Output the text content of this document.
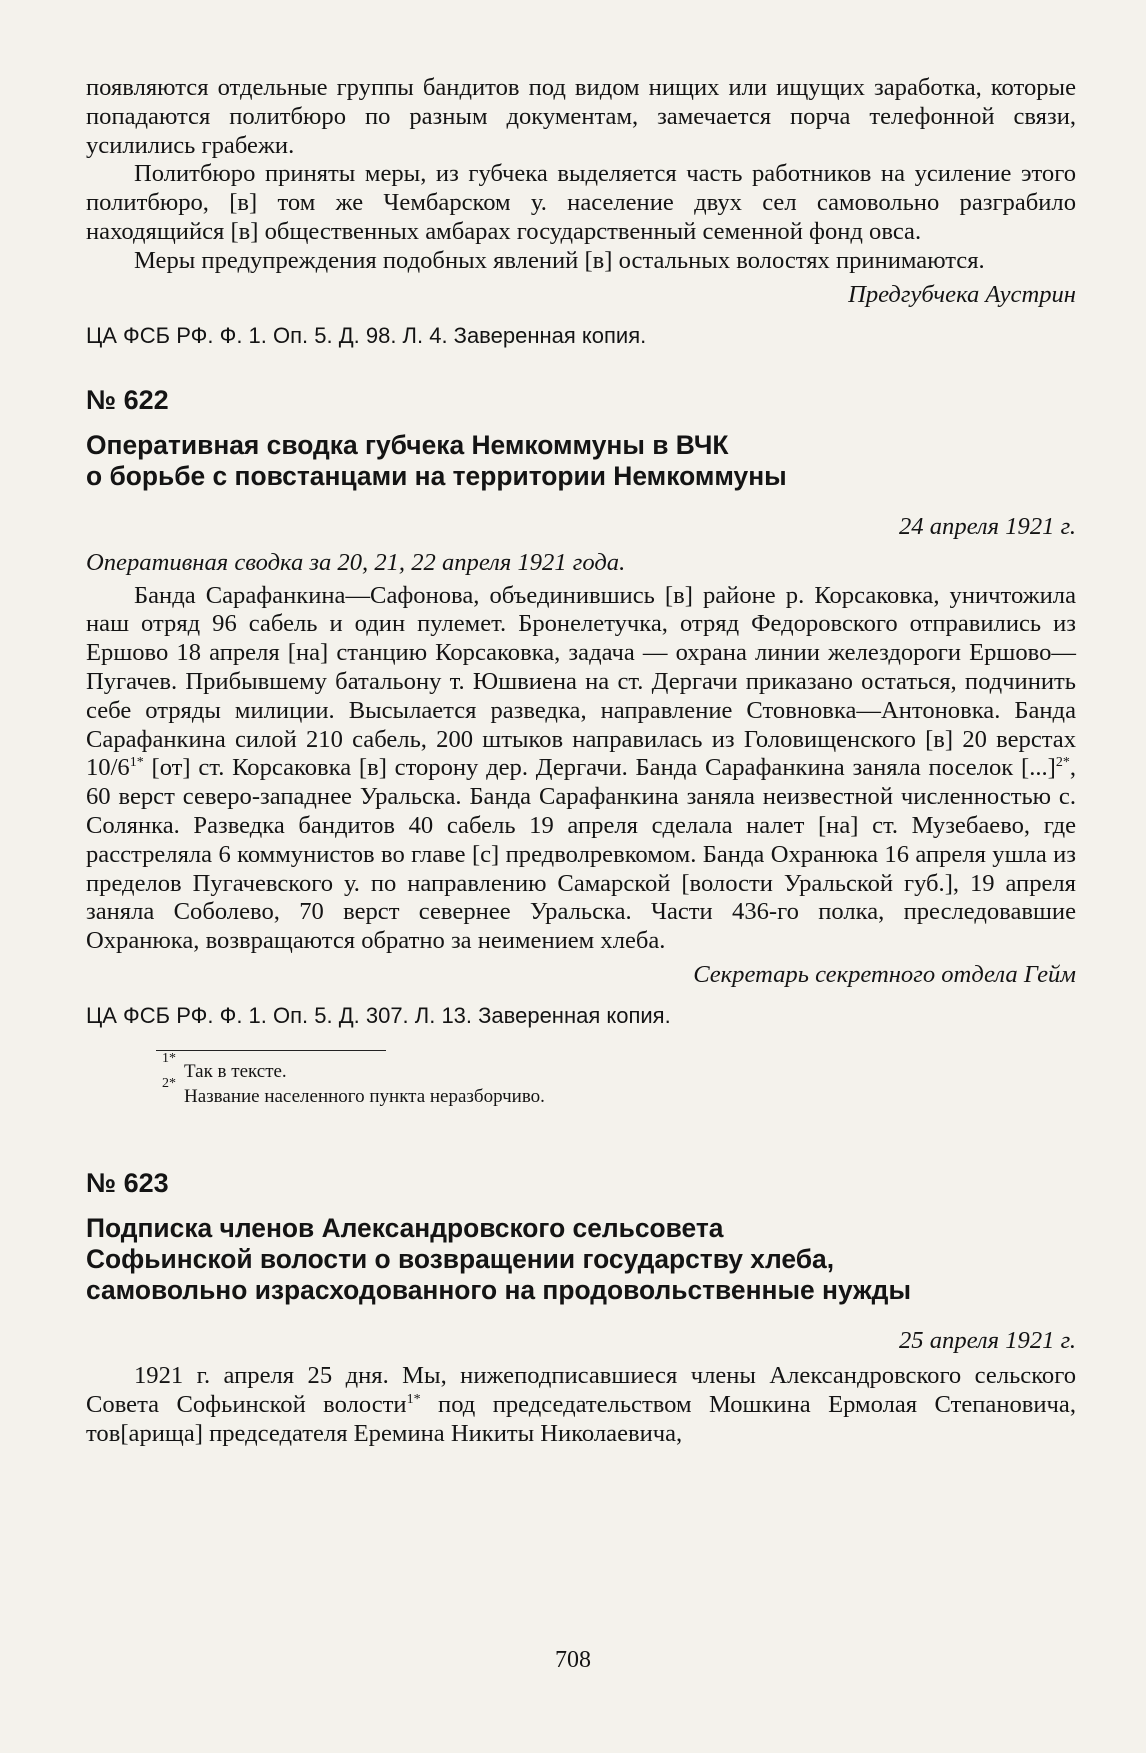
появляются отдельные группы бандитов под видом нищих или ищущих заработка, которые попадаются политбюро по разным документам, замечается порча телефонной связи, усилились грабежи.

Политбюро приняты меры, из губчека выделяется часть работников на усиление этого политбюро, [в] том же Чембарском у. население двух сел самовольно разграбило находящийся [в] общественных амбарах государственный семенной фонд овса.

Меры предупреждения подобных явлений [в] остальных волостях принимаются.

Предгубчека Аустрин

ЦА ФСБ РФ. Ф. 1. Оп. 5. Д. 98. Л. 4. Заверенная копия.

№ 622

Оперативная сводка губчека Немкоммуны в ВЧК
о борьбе с повстанцами на территории Немкоммуны

24 апреля 1921 г.

Оперативная сводка за 20, 21, 22 апреля 1921 года.

Банда Сарафанкина—Сафонова, объединившись [в] районе р. Корсаковка, уничтожила наш отряд 96 сабель и один пулемет. Бронелетучка, отряд Федоровского отправились из Ершово 18 апреля [на] станцию Корсаковка, задача — охрана линии желездороги Ершово—Пугачев. Прибывшему батальону т. Юшвиена на ст. Дергачи приказано остаться, подчинить себе отряды милиции. Высылается разведка, направление Стовновка—Антоновка. Банда Сарафанкина силой 210 сабель, 200 штыков направилась из Головищенского [в] 20 верстах $10/6^{1*}$ [от] ст. Корсаковка [в] сторону дер. Дергачи. Банда Сарафанкина заняла поселок [...]$^{2*}$, 60 верст северо-западнее Уральска. Банда Сарафанкина заняла неизвестной численностью с. Солянка. Разведка бандитов 40 сабель 19 апреля сделала налет [на] ст. Музебаево, где расстреляла 6 коммунистов во главе [с] предволревкомом. Банда Охранюка 16 апреля ушла из пределов Пугачевского у. по направлению Самарской [волости Уральской губ.], 19 апреля заняла Соболево, 70 верст севернее Уральска. Части 436-го полка, преследовавшие Охранюка, возвращаются обратно за неимением хлеба.

Секретарь секретного отдела Гейм

ЦА ФСБ РФ. Ф. 1. Оп. 5. Д. 307. Л. 13. Заверенная копия.

1*
Так в тексте.
2*
Название населенного пункта неразборчиво.

№ 623

Подписка членов Александровского сельсовета
Софьинской волости о возвращении государству хлеба,
самовольно израсходованного на продовольственные нужды

25 апреля 1921 г.

1921 г. апреля 25 дня. Мы, нижеподписавшиеся члены Александровского сельского Совета Софьинской волости$^{1*}$ под председательством Мошкина Ермолая Степановича, тов[арища] председателя Еремина Никиты Николаевича,

708
